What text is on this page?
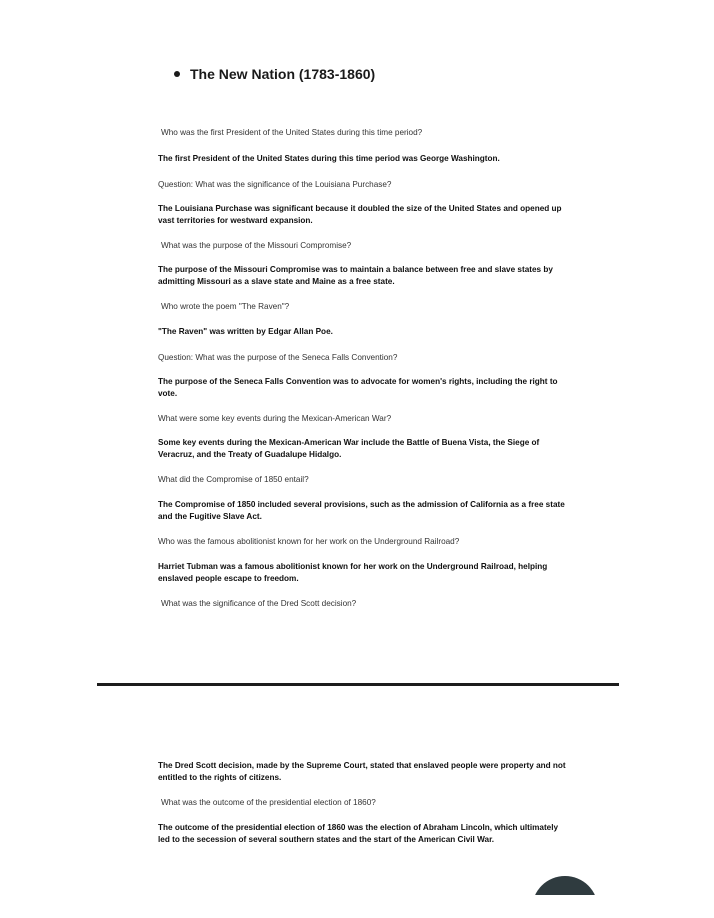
The New Nation (1783-1860)
Who was the first President of the United States during this time period?
The first President of the United States during this time period was George Washington.
Question: What was the significance of the Louisiana Purchase?
The Louisiana Purchase was significant because it doubled the size of the United States and opened up vast territories for westward expansion.
What was the purpose of the Missouri Compromise?
The purpose of the Missouri Compromise was to maintain a balance between free and slave states by admitting Missouri as a slave state and Maine as a free state.
Who wrote the poem "The Raven"?
"The Raven" was written by Edgar Allan Poe.
Question: What was the purpose of the Seneca Falls Convention?
The purpose of the Seneca Falls Convention was to advocate for women's rights, including the right to vote.
What were some key events during the Mexican-American War?
Some key events during the Mexican-American War include the Battle of Buena Vista, the Siege of Veracruz, and the Treaty of Guadalupe Hidalgo.
What did the Compromise of 1850 entail?
The Compromise of 1850 included several provisions, such as the admission of California as a free state and the Fugitive Slave Act.
Who was the famous abolitionist known for her work on the Underground Railroad?
Harriet Tubman was a famous abolitionist known for her work on the Underground Railroad, helping enslaved people escape to freedom.
What was the significance of the Dred Scott decision?
The Dred Scott decision, made by the Supreme Court, stated that enslaved people were property and not entitled to the rights of citizens.
What was the outcome of the presidential election of 1860?
The outcome of the presidential election of 1860 was the election of Abraham Lincoln, which ultimately led to the secession of several southern states and the start of the American Civil War.
